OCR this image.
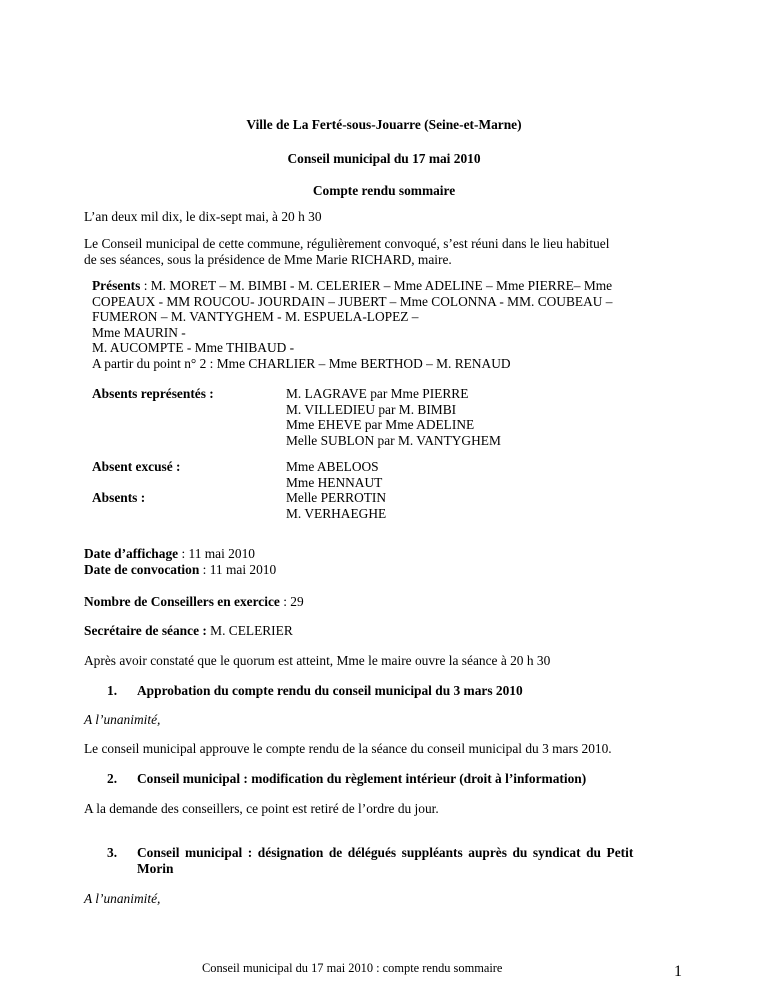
Ville de La Ferté-sous-Jouarre (Seine-et-Marne)
Conseil municipal du 17 mai 2010
Compte rendu sommaire
L’an deux mil dix, le dix-sept mai, à 20 h 30
Le Conseil municipal de cette commune, régulièrement convoqué, s’est réuni dans le lieu habituel
de ses séances, sous la présidence de Mme Marie RICHARD, maire.
Présents : M. MORET – M. BIMBI - M. CELERIER – Mme ADELINE – Mme PIERRE– Mme
COPEAUX - MM ROUCOU- JOURDAIN – JUBERT – Mme COLONNA - MM. COUBEAU –
FUMERON – M. VANTYGHEM - M. ESPUELA-LOPEZ –
Mme MAURIN -
M. AUCOMPTE - Mme THIBAUD -
A partir du point n° 2 : Mme CHARLIER – Mme BERTHOD – M. RENAUD
Absents représentés :	M. LAGRAVE par Mme PIERRE
M. VILLEDIEU par M. BIMBI
Mme EHEVE par Mme ADELINE
Melle SUBLON par M. VANTYGHEM
Absent excusé :
Absents :
Mme ABELOOS
Mme HENNAUT
Melle PERROTIN
M. VERHAEGHE
Date d’affichage : 11 mai 2010
Date de convocation : 11 mai 2010
Nombre de Conseillers en exercice : 29
Secrétaire de séance : M. CELERIER
Après avoir constaté que le quorum est atteint, Mme le maire ouvre la séance à 20 h 30
1. Approbation du compte rendu du conseil municipal du 3 mars 2010
A l’unanimité,
Le conseil municipal approuve le compte rendu de la séance du conseil municipal du 3 mars 2010.
2. Conseil municipal : modification du règlement intérieur (droit à l’information)
A la demande des conseillers, ce point est retiré de l’ordre du jour.
3. Conseil municipal : désignation de délégués suppléants auprès du syndicat du Petit
Morin
A l’unanimité,
Conseil municipal du 17 mai 2010 : compte rendu sommaire	1
